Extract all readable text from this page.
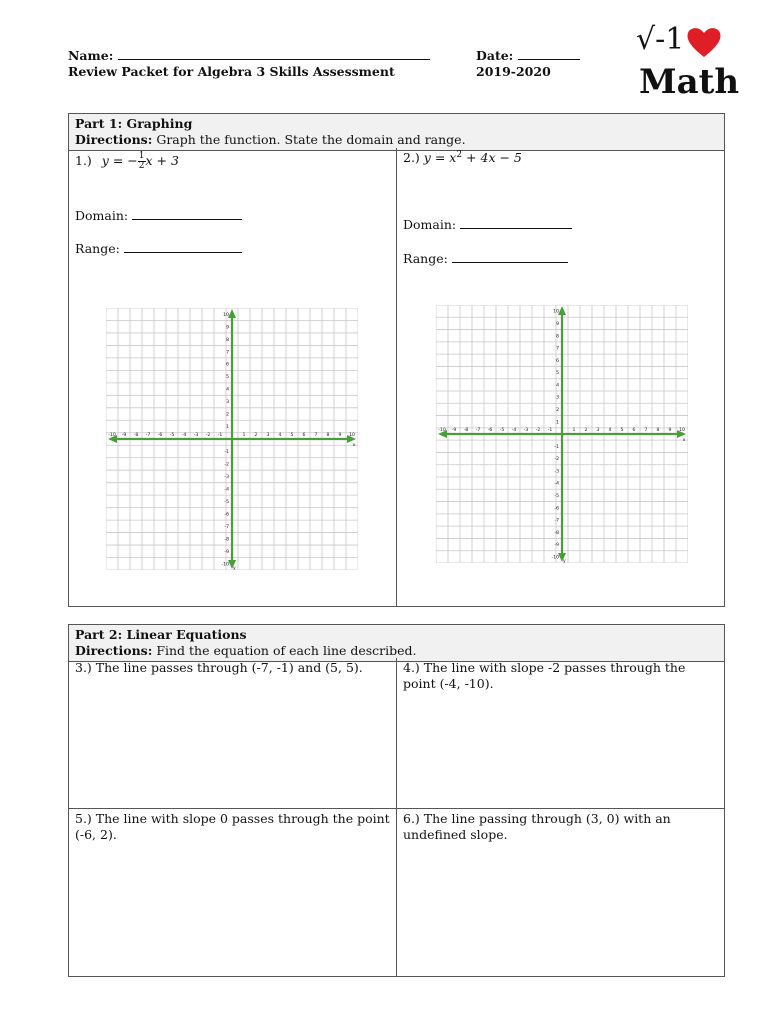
Name:
Review Packet for Algebra 3 Skills Assessment
Date:
2019-2020
√-1
Math
Part 1: Graphing
Directions: Graph the function. State the domain and range.
1.) y = − $\frac{1}{2}$ x + 3
Domain:
Range:
2.) $y = x^2 + 4x - 5$
Domain:
Range:
-10 -9 -8 -7 -6 -5 -4 -3 -2 -1	1 2 3 4 5 6 7 8 9 10
10
9
8
7
6
5
4
3
2
1
-1
-2
-3
-4
-5
-6
-7
-8
-9
-10
x
y
-10 -9 -8 -7 -6 -5 -4 -3 -2 -1	1 2 3 4 5 6 7 8 9 10
10
9
8
7
6
5
4
3
2
1
-1
-2
-3
-4
-5
-6
-7
-8
-9
-10
x
y
Part 2: Linear Equations
Directions: Find the equation of each line described.
3.) The line passes through (-7, -1) and (5, 5).	4.) The line with slope -2 passes through the point (-4, -10).
5.) The line with slope 0 passes through the point (-6, 2).
6.) The line passing through (3, 0) with an undefined slope.
